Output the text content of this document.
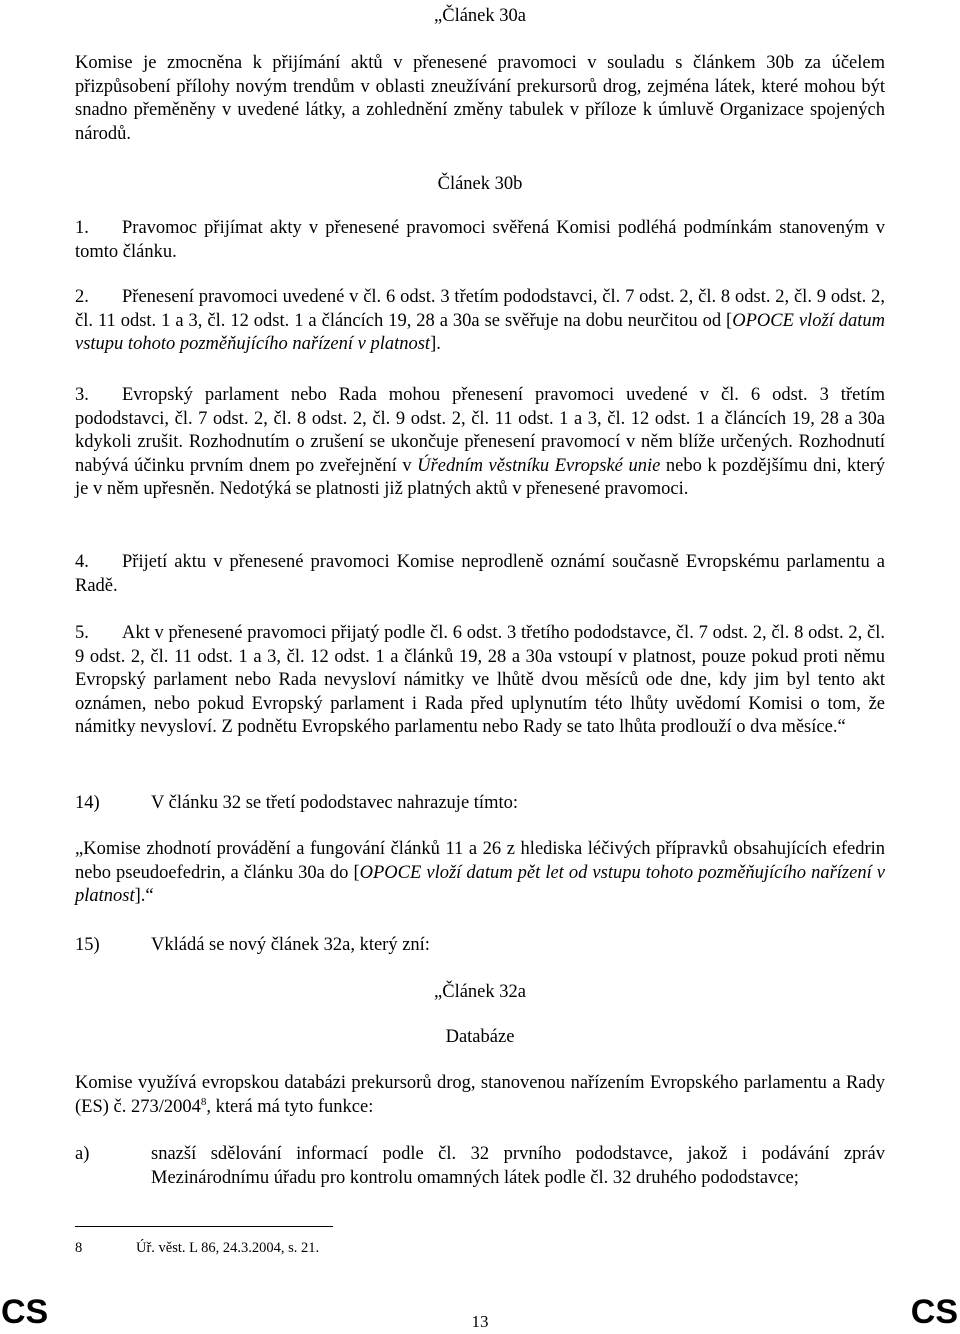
„Článek 30a

Komise je zmocněna k přijímání aktů v přenesené pravomoci v souladu s článkem 30b za účelem přizpůsobení přílohy novým trendům v oblasti zneužívání prekursorů drog, zejména látek, které mohou být snadno přeměněny v uvedené látky, a zohlednění změny tabulek v příloze k úmluvě Organizace spojených národů.

Článek 30b

1. Pravomoc přijímat akty v přenesené pravomoci svěřená Komisi podléhá podmínkám stanoveným v tomto článku.

2. Přenesení pravomoci uvedené v čl. 6 odst. 3 třetím pododstavci, čl. 7 odst. 2, čl. 8 odst. 2, čl. 9 odst. 2, čl. 11 odst. 1 a 3, čl. 12 odst. 1 a článcích 19, 28 a 30a se svěřuje na dobu neurčitou od [OPOCE vloží datum vstupu tohoto pozměňujícího nařízení v platnost].

3. Evropský parlament nebo Rada mohou přenesení pravomoci uvedené v čl. 6 odst. 3 třetím pododstavci, čl. 7 odst. 2, čl. 8 odst. 2, čl. 9 odst. 2, čl. 11 odst. 1 a 3, čl. 12 odst. 1 a článcích 19, 28 a 30a kdykoli zrušit. Rozhodnutím o zrušení se ukončuje přenesení pravomocí v něm blíže určených. Rozhodnutí nabývá účinku prvním dnem po zveřejnění v Úředním věstníku Evropské unie nebo k pozdějšímu dni, který je v něm upřesněn. Nedotýká se platnosti již platných aktů v přenesené pravomoci.

4. Přijetí aktu v přenesené pravomoci Komise neprodleně oznámí současně Evropskému parlamentu a Radě.

5. Akt v přenesené pravomoci přijatý podle čl. 6 odst. 3 třetího pododstavce, čl. 7 odst. 2, čl. 8 odst. 2, čl. 9 odst. 2, čl. 11 odst. 1 a 3, čl. 12 odst. 1 a článků 19, 28 a 30a vstoupí v platnost, pouze pokud proti němu Evropský parlament nebo Rada nevysloví námitky ve lhůtě dvou měsíců ode dne, kdy jim byl tento akt oznámen, nebo pokud Evropský parlament i Rada před uplynutím této lhůty uvědomí Komisi o tom, že námitky nevysloví. Z podnětu Evropského parlamentu nebo Rady se tato lhůta prodlouží o dva měsíce.“

14)	V článku 32 se třetí pododstavec nahrazuje tímto:

„Komise zhodnotí provádění a fungování článků 11 a 26 z hlediska léčivých přípravků obsahujících efedrin nebo pseudoefedrin, a článku 30a do [OPOCE vloží datum pět let od vstupu tohoto pozměňujícího nařízení v platnost].“

15)	Vkládá se nový článek 32a, který zní:
„Článek 32a
Databáze

Komise využívá evropskou databázi prekursorů drog, stanovenou nařízením Evropského parlamentu a Rady (ES) č. 273/2004$^8$, která má tyto funkce:

a)	snazší sdělování informací podle čl. 32 prvního pododstavce, jakož i podávání zpráv Mezinárodnímu úřadu pro kontrolu omamných látek podle čl. 32 druhého pododstavce;

8	Úř. věst. L 86, 24.3.2004, s. 21.
CS	13	CS
